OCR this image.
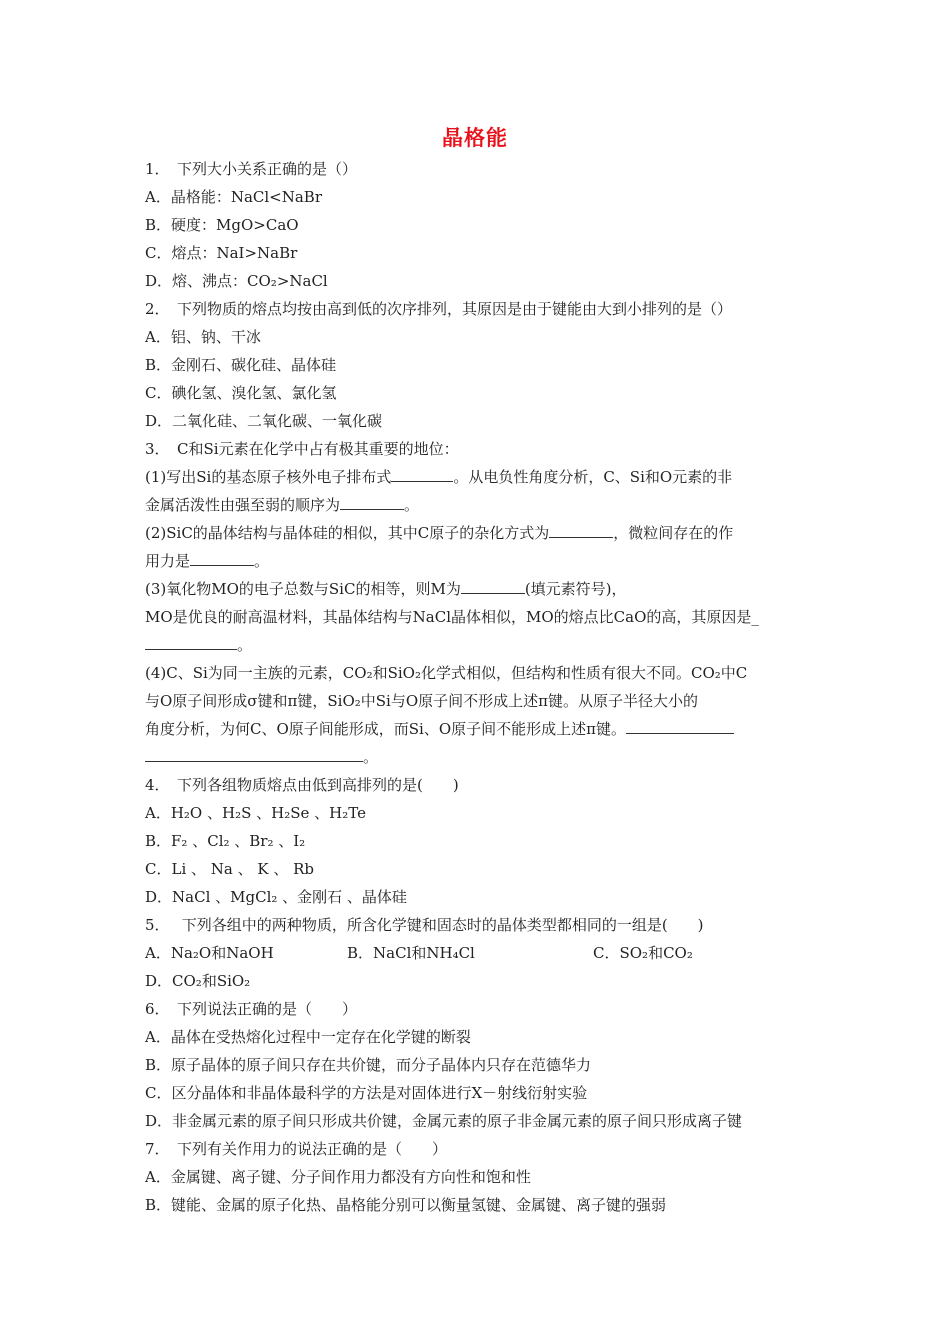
晶格能
1．　下列大小关系正确的是（）
A．晶格能：NaCl<NaBr
B．硬度：MgO>CaO
C．熔点：NaI>NaBr
D．熔、沸点：CO₂>NaCl
2．　下列物质的熔点均按由高到低的次序排列，其原因是由于键能由大到小排列的是（）
A．铝、钠、干冰
B．金刚石、碳化硅、晶体硅
C．碘化氢、溴化氢、氯化氢
D．二氧化硅、二氧化碳、一氧化碳
3．　C和Si元素在化学中占有极其重要的地位：
(1)写出Si的基态原子核外电子排布式	。从电负性角度分析，C、Si和O元素的非
金属活泼性由强至弱的顺序为	。
(2)SiC的晶体结构与晶体硅的相似，其中C原子的杂化方式为	，微粒间存在的作
用力是	。
(3)氧化物MO的电子总数与SiC的相等，则M为	(填元素符号)，
MO是优良的耐高温材料，其晶体结构与NaCl晶体相似，MO的熔点比CaO的高，其原因是_
。
(4)C、Si为同一主族的元素，CO₂和SiO₂化学式相似，但结构和性质有很大不同。CO₂中C
与O原子间形成σ键和π键，SiO₂中Si与O原子间不形成上述π键。从原子半径大小的
角度分析，为何C、O原子间能形成，而Si、O原子间不能形成上述π键。
。
4．　下列各组物质熔点由低到高排列的是(　　)
A．H₂O 、H₂S 、H₂Se 、H₂Te
B．F₂ 、Cl₂ 、Br₂ 、I₂
C．Li 、 Na 、 K 、 Rb
D．NaCl 、MgCl₂ 、金刚石 、晶体硅
5．　 下列各组中的两种物质，所含化学键和固态时的晶体类型都相同的一组是(　　)
A．Na₂O和NaOH	B．NaCl和NH₄Cl	C．SO₂和CO₂
D．CO₂和SiO₂
6．　下列说法正确的是（　　）
A．晶体在受热熔化过程中一定存在化学键的断裂
B．原子晶体的原子间只存在共价键，而分子晶体内只存在范德华力
C．区分晶体和非晶体最科学的方法是对固体进行X－射线衍射实验
D．非金属元素的原子间只形成共价键，金属元素的原子非金属元素的原子间只形成离子键
7．　下列有关作用力的说法正确的是（　　）
A．金属键、离子键、分子间作用力都没有方向性和饱和性
B．键能、金属的原子化热、晶格能分别可以衡量氢键、金属键、离子键的强弱
